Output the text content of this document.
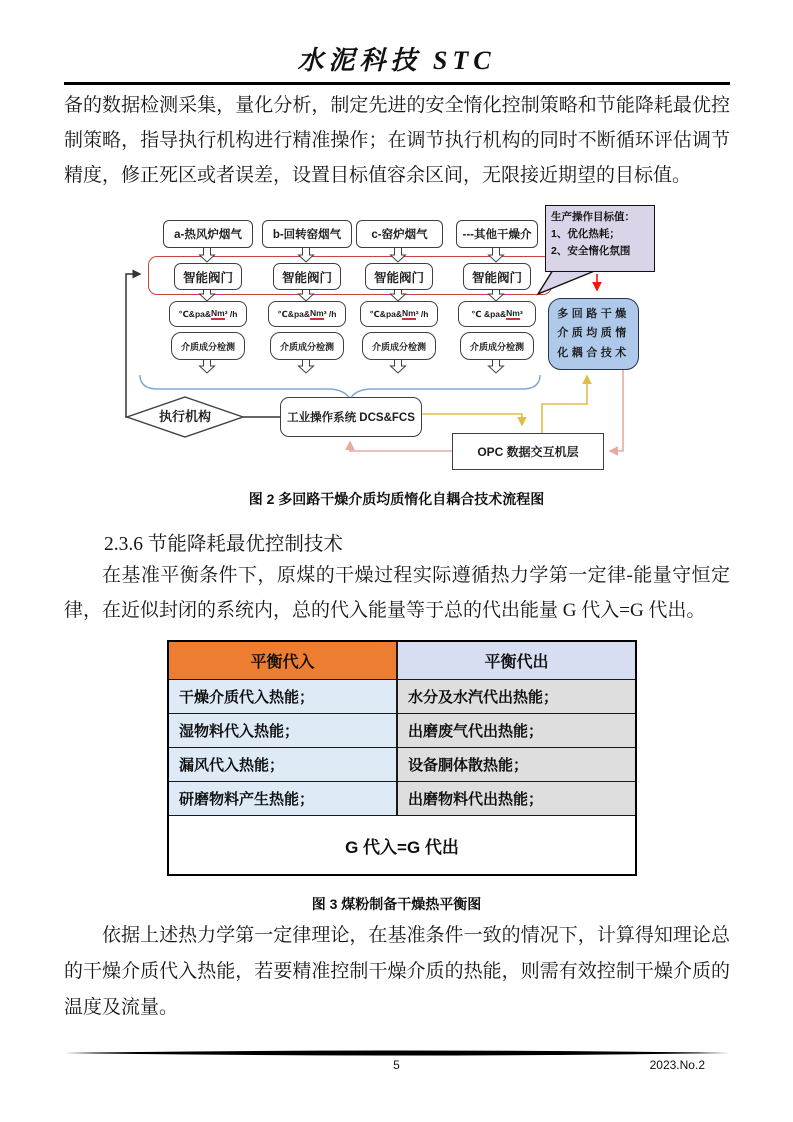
水泥科技 STC
备的数据检测采集，量化分析，制定先进的安全惰化控制策略和节能降耗最优控制策略，指导执行机构进行精准操作；在调节执行机构的同时不断循环评估调节精度，修正死区或者误差，设置目标值容余区间，无限接近期望的目标值。
a-热风炉烟气	b-回转窑烟气	c-窑炉烟气	---其他干燥介
智能阀门	智能阀门	智能阀门	智能阀门
℃&pa& Nm ³ /h	℃&pa& Nm ³ /h	℃&pa& Nm ³ /h	℃ &pa& Nm ³
介质成分检测	介质成分检测	介质成分检测	介质成分检测
生产操作目标值：
1、优化热耗；
2、安全惰化氛围
多回路干燥
介质均质惰
化耦合技术
工业操作系统 DCS&FCS
执行机构
OPC 数据交互机层
图 2 多回路干燥介质均质惰化自耦合技术流程图
2.3.6 节能降耗最优控制技术
在基准平衡条件下，原煤的干燥过程实际遵循热力学第一定律-能量守恒定律，在近似封闭的系统内，总的代入能量等于总的代出能量 G 代入=G 代出。
平衡代入	平衡代出
干燥介质代入热能；	水分及水汽代出热能；
湿物料代入热能；	出磨废气代出热能；
漏风代入热能；	设备胴体散热能；
研磨物料产生热能；	出磨物料代出热能；
G 代入=G 代出
图 3 煤粉制备干燥热平衡图
依据上述热力学第一定律理论，在基准条件一致的情况下，计算得知理论总的干燥介质代入热能，若要精准控制干燥介质的热能，则需有效控制干燥介质的温度及流量。
5	2023.No.2
